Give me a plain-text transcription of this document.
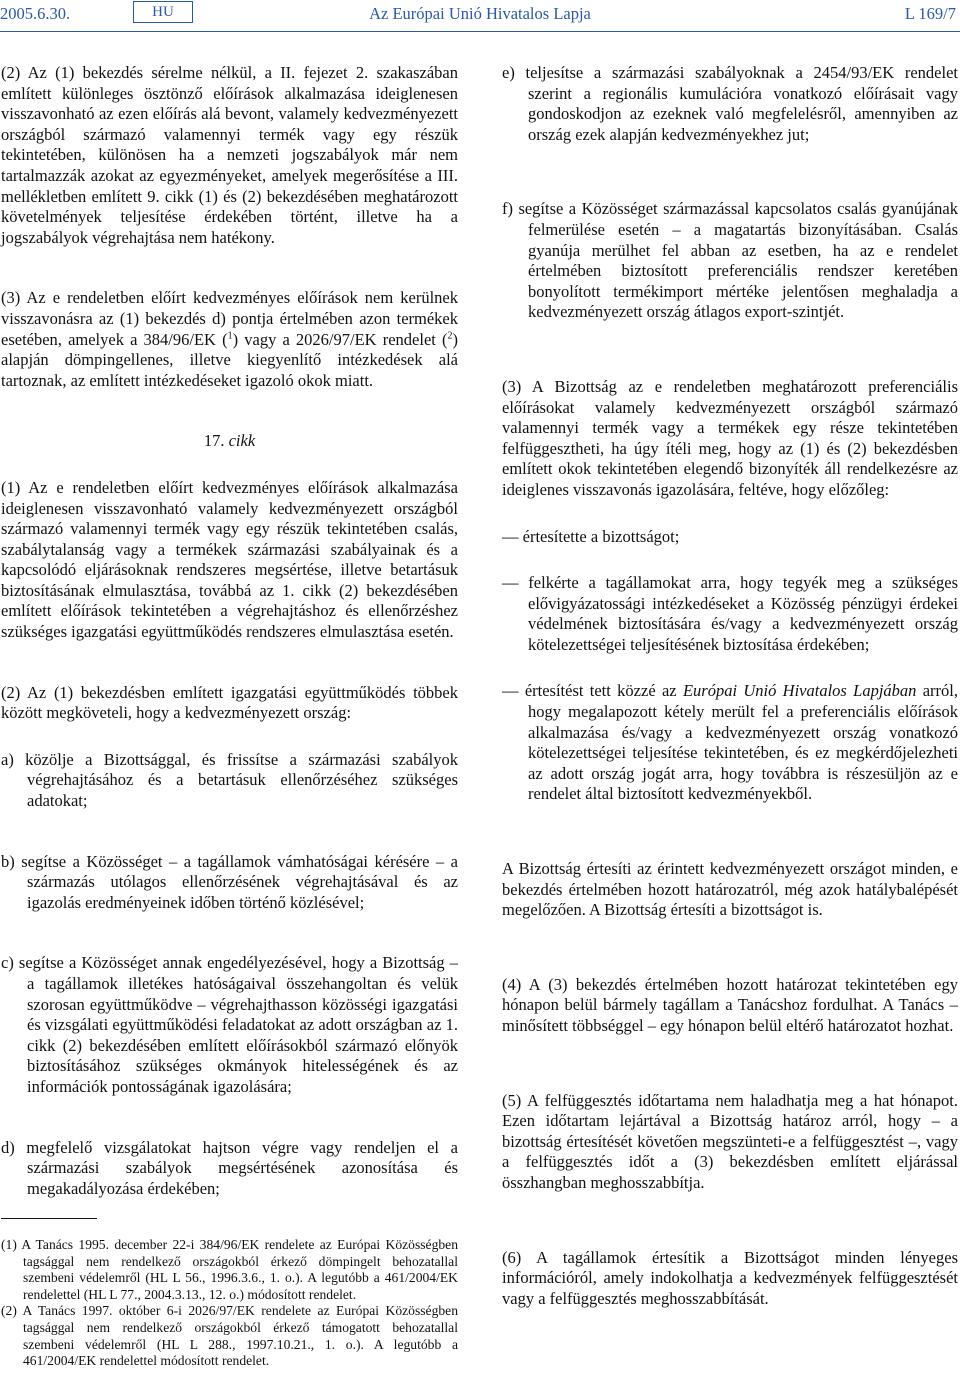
2005.6.30.	HU	Az Európai Unió Hivatalos Lapja	L 169/7

(2) Az (1) bekezdés sérelme nélkül, a II. fejezet 2. szakaszában említett különleges ösztönző előírások alkalmazása ideiglenesen visszavonható az ezen előírás alá bevont, valamely kedvezményezett országból származó valamennyi termék vagy egy részük tekintetében, különösen ha a nemzeti jogszabályok már nem tartalmazzák azokat az egyezményeket, amelyek megerősítése a III. mellékletben említett 9. cikk (1) és (2) bekezdésében meghatározott követelmények teljesítése érdekében történt, illetve ha a jogszabályok végrehajtása nem hatékony.

(3) Az e rendeletben előírt kedvezményes előírások nem kerülnek visszavonásra az (1) bekezdés d) pontja értelmében azon termékek esetében, amelyek a 384/96/EK ($^1$) vagy a 2026/97/EK rendelet ($^2$) alapján dömpingellenes, illetve kiegyenlítő intézkedések alá tartoznak, az említett intézkedéseket igazoló okok miatt.

17. cikk

(1) Az e rendeletben előírt kedvezményes előírások alkalmazása ideiglenesen visszavonható valamely kedvezményezett országból származó valamennyi termék vagy egy részük tekintetében csalás, szabálytalanság vagy a termékek származási szabályainak és a kapcsolódó eljárásoknak rendszeres megsértése, illetve betartásuk biztosításának elmulasztása, továbbá az 1. cikk (2) bekezdésében említett előírások tekintetében a végrehajtáshoz és ellenőrzéshez szükséges igazgatási együttműködés rendszeres elmulasztása esetén.

(2) Az (1) bekezdésben említett igazgatási együttműködés többek között megköveteli, hogy a kedvezményezett ország:

a) közölje a Bizottsággal, és frissítse a származási szabályok végrehajtásához és a betartásuk ellenőrzéséhez szükséges adatokat;

b) segítse a Közösséget – a tagállamok vámhatóságai kérésére – a származás utólagos ellenőrzésének végrehajtásával és az igazolás eredményeinek időben történő közlésével;

c) segítse a Közösséget annak engedélyezésével, hogy a Bizottság – a tagállamok illetékes hatóságaival összehangoltan és velük szorosan együttműködve – végrehajthasson közösségi igazgatási és vizsgálati együttműködési feladatokat az adott országban az 1. cikk (2) bekezdésében említett előírásokból származó előnyök biztosításához szükséges okmányok hitelességének és az információk pontosságának igazolására;

d) megfelelő vizsgálatokat hajtson végre vagy rendeljen el a származási szabályok megsértésének azonosítása és megakadályozása érdekében;

(1) A Tanács 1995. december 22-i 384/96/EK rendelete az Európai Közösségben tagsággal nem rendelkező országokból érkező dömpingelt behozatallal szembeni védelemről (HL L 56., 1996.3.6., 1. o.). A legutóbb a 461/2004/EK rendelettel (HL L 77., 2004.3.13., 12. o.) módosított rendelet.

(2) A Tanács 1997. október 6-i 2026/97/EK rendelete az Európai Közösségben tagsággal nem rendelkező országokból érkező támogatott behozatallal szembeni védelemről (HL L 288., 1997.10.21., 1. o.). A legutóbb a 461/2004/EK rendelettel módosított rendelet.

e) teljesítse a származási szabályoknak a 2454/93/EK rendelet szerint a regionális kumulációra vonatkozó előírásait vagy gondoskodjon az ezeknek való megfelelésről, amennyiben az ország ezek alapján kedvezményekhez jut;

f) segítse a Közösséget származással kapcsolatos csalás gyanújának felmerülése esetén – a magatartás bizonyításában. Csalás gyanúja merülhet fel abban az esetben, ha az e rendelet értelmében biztosított preferenciális rendszer keretében bonyolított termékimport mértéke jelentősen meghaladja a kedvezményezett ország átlagos export-szintjét.

(3) A Bizottság az e rendeletben meghatározott preferenciális előírásokat valamely kedvezményezett országból származó valamennyi termék vagy a termékek egy része tekintetében felfüggesztheti, ha úgy ítéli meg, hogy az (1) és (2) bekezdésben említett okok tekintetében elegendő bizonyíték áll rendelkezésre az ideiglenes visszavonás igazolására, feltéve, hogy előzőleg:

— értesítette a bizottságot;

— felkérte a tagállamokat arra, hogy tegyék meg a szükséges elővigyázatossági intézkedéseket a Közösség pénzügyi érdekei védelmének biztosítására és/vagy a kedvezményezett ország kötelezettségei teljesítésének biztosítása érdekében;

— értesítést tett közzé az Európai Unió Hivatalos Lapjában arról, hogy megalapozott kétely merült fel a preferenciális előírások alkalmazása és/vagy a kedvezményezett ország vonatkozó kötelezettségei teljesítése tekintetében, és ez megkérdőjelezheti az adott ország jogát arra, hogy továbbra is részesüljön az e rendelet által biztosított kedvezményekből.

A Bizottság értesíti az érintett kedvezményezett országot minden, e bekezdés értelmében hozott határozatról, még azok hatálybalépését megelőzően. A Bizottság értesíti a bizottságot is.

(4) A (3) bekezdés értelmében hozott határozat tekintetében egy hónapon belül bármely tagállam a Tanácshoz fordulhat. A Tanács – minősített többséggel – egy hónapon belül eltérő határozatot hozhat.

(5) A felfüggesztés időtartama nem haladhatja meg a hat hónapot. Ezen időtartam lejártával a Bizottság határoz arról, hogy – a bizottság értesítését követően megszünteti-e a felfüggesztést –, vagy a felfüggesztés időt a (3) bekezdésben említett eljárással összhangban meghosszabbítja.

(6) A tagállamok értesítik a Bizottságot minden lényeges információról, amely indokolhatja a kedvezmények felfüggesztését vagy a felfüggesztés meghosszabbítását.
